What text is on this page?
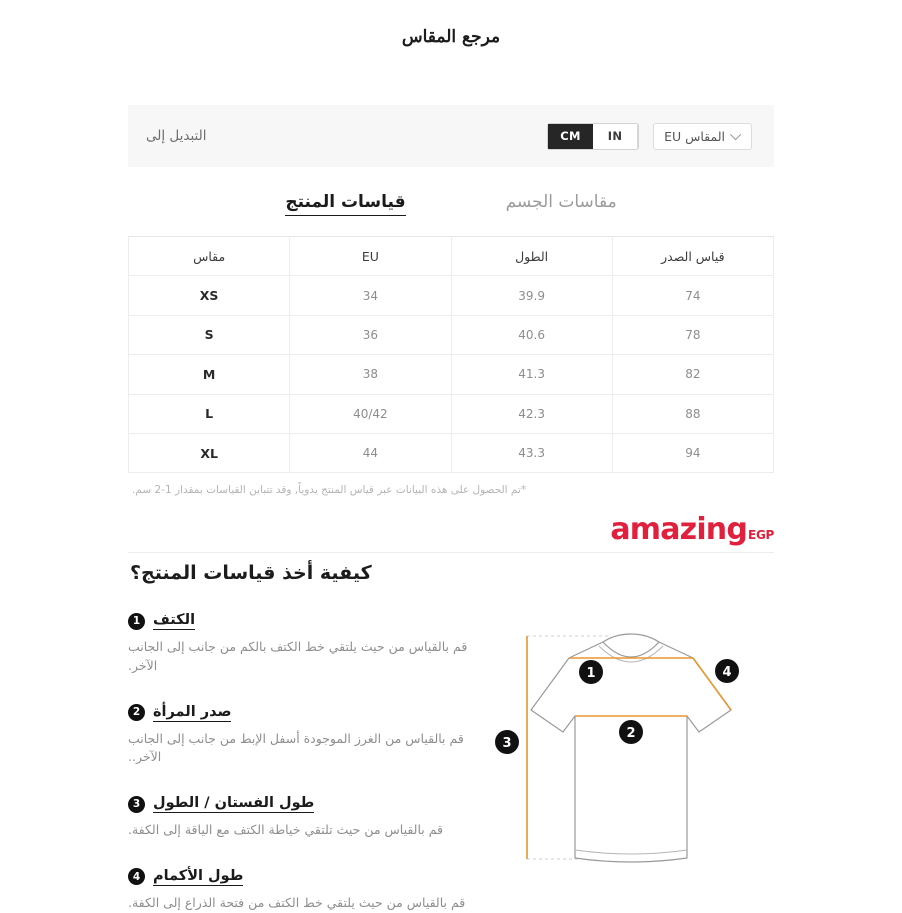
مرجع المقاس
التبديل إلى	CM	IN	المقاس EU
مقاسات الجسم
قياسات المنتج
قياس الصدر	الطول	EU	مقاس
74	39.9	34	XS
78	40.6	36	S
82	41.3	38	M
88	42.3	40/42	L
94	43.3	44	XL
*تم الحصول على هذه البيانات عبر قياس المنتج يدوياً, وقد تتباين القياسات بمقدار 1-2 سم.
amazing EGP
كيفية أخذ قياسات المنتج؟
1 الكتف
قم بالقياس من حيث يلتقي خط الكتف بالكم من جانب إلى الجانب الآخر.
2 صدر المرأة
قم بالقياس من الغرز الموجودة أسفل الإبط من جانب إلى الجانب الآخر..
3 طول الفستان / الطول
قم بالقياس من حيث تلتقي خياطة الكتف مع الياقة إلى الكفة.
4 طول الأكمام
قم بالقياس من حيث يلتقي خط الكتف من فتحة الذراع إلى الكفة.
1
2
3
4
